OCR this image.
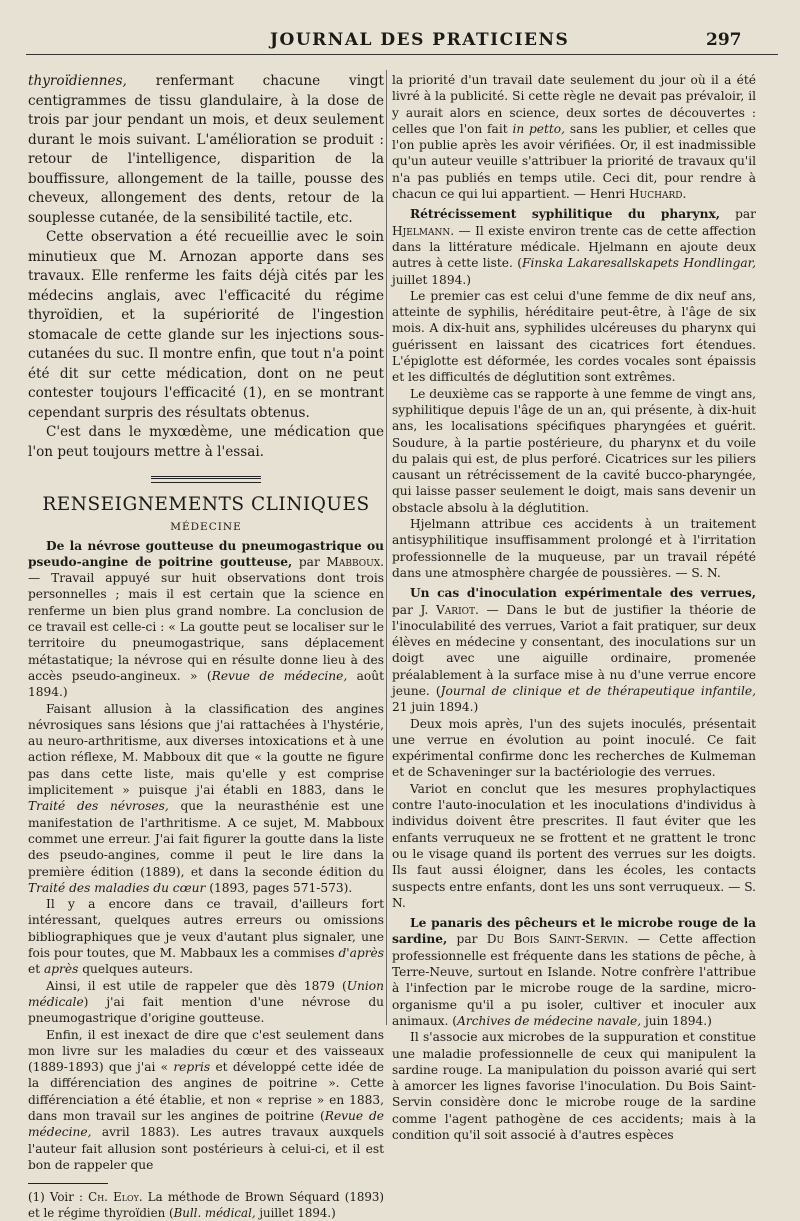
JOURNAL DES PRATICIENS	297

thyroïdiennes, renfermant chacune vingt centigrammes de tissu glandulaire, à la dose de trois par jour pendant un mois, et deux seulement durant le mois suivant. L'amélioration se produit : retour de l'intelligence, disparition de la bouffissure, allongement de la taille, pousse des cheveux, allongement des dents, retour de la souplesse cutanée, de la sensibilité tactile, etc.

Cette observation a été recueillie avec le soin minutieux que M. Arnozan apporte dans ses travaux. Elle renferme les faits déjà cités par les médecins anglais, avec l'efficacité du régime thyroïdien, et la supériorité de l'ingestion stomacale de cette glande sur les injections sous-cutanées du suc. Il montre enfin, que tout n'a point été dit sur cette médication, dont on ne peut contester toujours l'efficacité (1), en se montrant cependant surpris des résultats obtenus.

C'est dans le myxœdème, une médication que l'on peut toujours mettre à l'essai.

RENSEIGNEMENTS CLINIQUES
MÉDECINE

De la névrose goutteuse du pneumogastrique ou pseudo-angine de poitrine goutteuse, par Mabboux. — Travail appuyé sur huit observations dont trois personnelles ; mais il est certain que la science en renferme un bien plus grand nombre. La conclusion de ce travail est celle-ci : « La goutte peut se localiser sur le territoire du pneumogastrique, sans déplacement métastatique; la névrose qui en résulte donne lieu à des accès pseudo-angineux. » (Revue de médecine, août 1894.)

Faisant allusion à la classification des angines névrosiques sans lésions que j'ai rattachées à l'hystérie, au neuro-arthritisme, aux diverses intoxications et à une action réflexe, M. Mabboux dit que « la goutte ne figure pas dans cette liste, mais qu'elle y est comprise implicitement » puisque j'ai établi en 1883, dans le Traité des névroses, que la neurasthénie est une manifestation de l'arthritisme. A ce sujet, M. Mabboux commet une erreur. J'ai fait figurer la goutte dans la liste des pseudo-angines, comme il peut le lire dans la première édition (1889), et dans la seconde édition du Traité des maladies du cœur (1893, pages 571-573).

Il y a encore dans ce travail, d'ailleurs fort intéressant, quelques autres erreurs ou omissions bibliographiques que je veux d'autant plus signaler, une fois pour toutes, que M. Mabbaux les a commises d'après et après quelques auteurs.

Ainsi, il est utile de rappeler que dès 1879 (Union médicale) j'ai fait mention d'une névrose du pneumogastrique d'origine goutteuse.

Enfin, il est inexact de dire que c'est seulement dans mon livre sur les maladies du cœur et des vaisseaux (1889-1893) que j'ai « repris et développé cette idée de la différenciation des angines de poitrine ». Cette différenciation a été établie, et non « reprise » en 1883, dans mon travail sur les angines de poitrine (Revue de médecine, avril 1883). Les autres travaux auxquels l'auteur fait allusion sont postérieurs à celui-ci, et il est bon de rappeler que

(1) Voir : Ch. Eloy. La méthode de Brown Séquard (1893) et le régime thyroïdien (Bull. médical, juillet 1894.)

la priorité d'un travail date seulement du jour où il a été livré à la publicité. Si cette règle ne devait pas prévaloir, il y aurait alors en science, deux sortes de découvertes : celles que l'on fait in petto, sans les publier, et celles que l'on publie après les avoir vérifiées. Or, il est inadmissible qu'un auteur veuille s'attribuer la priorité de travaux qu'il n'a pas publiés en temps utile. Ceci dit, pour rendre à chacun ce qui lui appartient. — Henri Huchard.

Rétrécissement syphilitique du pharynx, par Hjelmann. — Il existe environ trente cas de cette affection dans la littérature médicale. Hjelmann en ajoute deux autres à cette liste. (Finska Lakaresallskapets Hondlingar, juillet 1894.)

Le premier cas est celui d'une femme de dix neuf ans, atteinte de syphilis, héréditaire peut-être, à l'âge de six mois. A dix-huit ans, syphilides ulcéreuses du pharynx qui guérissent en laissant des cicatrices fort étendues. L'épiglotte est déformée, les cordes vocales sont épaissis et les difficultés de déglutition sont extrêmes.

Le deuxième cas se rapporte à une femme de vingt ans, syphilitique depuis l'âge de un an, qui présente, à dix-huit ans, les localisations spécifiques pharyngées et guérit. Soudure, à la partie postérieure, du pharynx et du voile du palais qui est, de plus perforé. Cicatrices sur les piliers causant un rétrécissement de la cavité bucco-pharyngée, qui laisse passer seulement le doigt, mais sans devenir un obstacle absolu à la déglutition.

Hjelmann attribue ces accidents à un traitement antisyphilitique insuffisamment prolongé et à l'irritation professionnelle de la muqueuse, par un travail répété dans une atmosphère chargée de poussières. — S. N.

Un cas d'inoculation expérimentale des verrues, par J. Variot. — Dans le but de justifier la théorie de l'inoculabilité des verrues, Variot a fait pratiquer, sur deux élèves en médecine y consentant, des inoculations sur un doigt avec une aiguille ordinaire, promenée préalablement à la surface mise à nu d'une verrue encore jeune. (Journal de clinique et de thérapeutique infantile, 21 juin 1894.)

Deux mois après, l'un des sujets inoculés, présentait une verrue en évolution au point inoculé. Ce fait expérimental confirme donc les recherches de Kulmeman et de Schaveninger sur la bactériologie des verrues.

Variot en conclut que les mesures prophylactiques contre l'auto-inoculation et les inoculations d'individus à individus doivent être prescrites. Il faut éviter que les enfants verruqueux ne se frottent et ne grattent le tronc ou le visage quand ils portent des verrues sur les doigts. Ils faut aussi éloigner, dans les écoles, les contacts suspects entre enfants, dont les uns sont verruqueux. — S. N.

Le panaris des pêcheurs et le microbe rouge de la sardine, par Du Bois Saint-Servin. — Cette affection professionnelle est fréquente dans les stations de pêche, à Terre-Neuve, surtout en Islande. Notre confrère l'attribue à l'infection par le microbe rouge de la sardine, micro-organisme qu'il a pu isoler, cultiver et inoculer aux animaux. (Archives de médecine navale, juin 1894.)

Il s'associe aux microbes de la suppuration et constitue une maladie professionnelle de ceux qui manipulent la sardine rouge. La manipulation du poisson avarié qui sert à amorcer les lignes favorise l'inoculation. Du Bois Saint-Servin considère donc le microbe rouge de la sardine comme l'agent pathogène de ces accidents; mais à la condition qu'il soit associé à d'autres espèces
